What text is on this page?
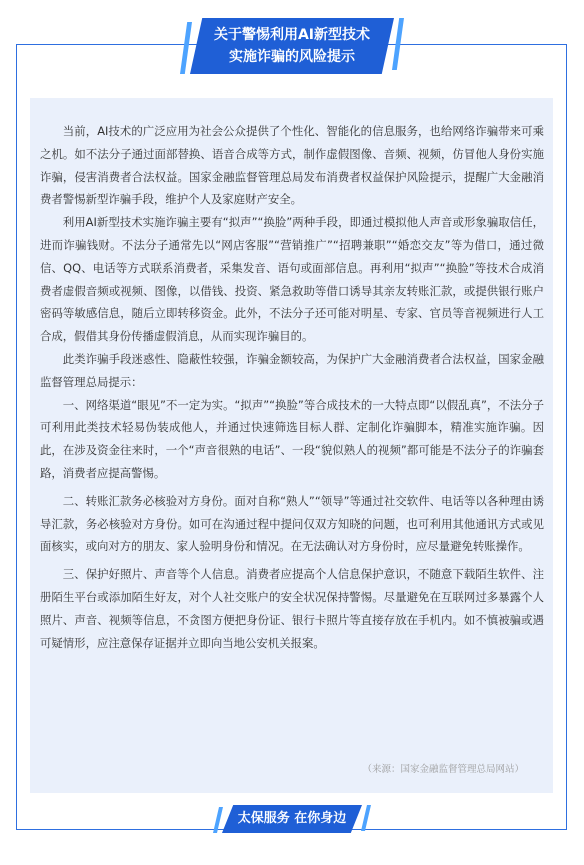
关于警惕利用AI新型技术
实施诈骗的风险提示

当前，AI技术的广泛应用为社会公众提供了个性化、智能化的信息服务，也给网络诈骗带来可乘之机。如不法分子通过面部替换、语音合成等方式，制作虚假图像、音频、视频，仿冒他人身份实施诈骗，侵害消费者合法权益。国家金融监督管理总局发布消费者权益保护风险提示，提醒广大金融消费者警惕新型诈骗手段，维护个人及家庭财产安全。

利用AI新型技术实施诈骗主要有“拟声”“换脸”两种手段，即通过模拟他人声音或形象骗取信任，进而诈骗钱财。不法分子通常先以“网店客服”“营销推广”“招聘兼职”“婚恋交友”等为借口，通过微信、QQ、电话等方式联系消费者，采集发音、语句或面部信息。再利用“拟声”“换脸”等技术合成消费者虚假音频或视频、图像，以借钱、投资、紧急救助等借口诱导其亲友转账汇款，或提供银行账户密码等敏感信息，随后立即转移资金。此外，不法分子还可能对明星、专家、官员等音视频进行人工合成，假借其身份传播虚假消息，从而实现诈骗目的。

此类诈骗手段迷惑性、隐蔽性较强，诈骗金额较高，为保护广大金融消费者合法权益，国家金融监督管理总局提示：

一、网络渠道“眼见”不一定为实。“拟声”“换脸”等合成技术的一大特点即“以假乱真”，不法分子可利用此类技术轻易伪装成他人，并通过快速筛选目标人群、定制化诈骗脚本，精准实施诈骗。因此，在涉及资金往来时，一个“声音很熟的电话”、一段“貌似熟人的视频”都可能是不法分子的诈骗套路，消费者应提高警惕。

二、转账汇款务必核验对方身份。面对自称“熟人”“领导”等通过社交软件、电话等以各种理由诱导汇款，务必核验对方身份。如可在沟通过程中提问仅双方知晓的问题，也可利用其他通讯方式或见面核实，或向对方的朋友、家人验明身份和情况。在无法确认对方身份时，应尽量避免转账操作。

三、保护好照片、声音等个人信息。消费者应提高个人信息保护意识，不随意下载陌生软件、注册陌生平台或添加陌生好友，对个人社交账户的安全状况保持警惕。尽量避免在互联网过多暴露个人照片、声音、视频等信息，不贪图方便把身份证、银行卡照片等直接存放在手机内。如不慎被骗或遇可疑情形，应注意保存证据并立即向当地公安机关报案。

（来源：国家金融监督管理总局网站）
太保服务 在你身边
